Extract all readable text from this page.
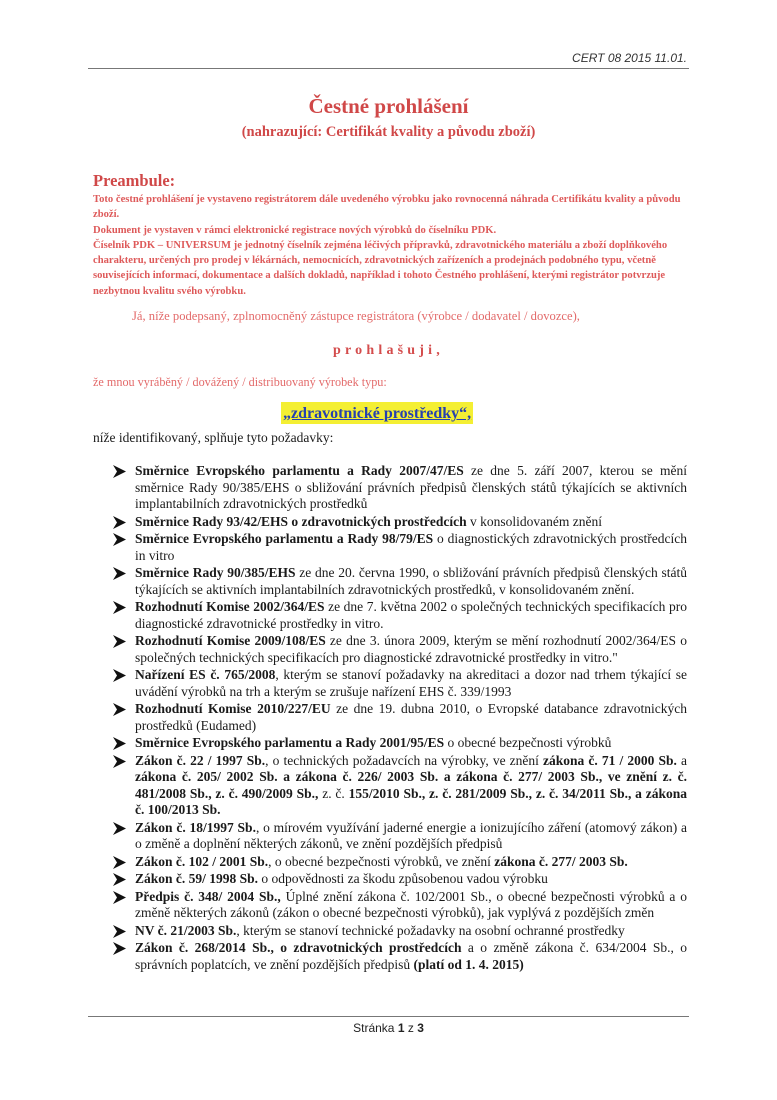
CERT 08 2015 11.01.
Čestné prohlášení
(nahrazující: Certifikát kvality a původu zboží)
Preambule:

Toto čestné prohlášení je vystaveno registrátorem dále uvedeného výrobku jako rovnocenná náhrada Certifikátu kvality a původu zboží.

Dokument je vystaven v rámci elektronické registrace nových výrobků do číselníku PDK.

Číselník PDK – UNIVERSUM je jednotný číselník zejména léčivých přípravků, zdravotnického materiálu a zboží doplňkového charakteru, určených pro prodej v lékárnách, nemocnicích, zdravotnických zařízeních a prodejnách podobného typu, včetně souvisejících informací, dokumentace a dalších dokladů, například i tohoto Čestného prohlášení, kterými registrátor potvrzuje nezbytnou kvalitu svého výrobku.

Já, níže podepsaný, zplnomocněný zástupce registrátora (výrobce / dodavatel / dovozce),
prohlašuji,
že mnou vyráběný / dovážený / distribuovaný výrobek typu:
„zdravotnické prostředky“,
níže identifikovaný, splňuje tyto požadavky:
Směrnice Evropského parlamentu a Rady 2007/47/ES ze dne 5. září 2007, kterou se mění směrnice Rady 90/385/EHS o sbližování právních předpisů členských států týkajících se aktivních implantabilních zdravotnických prostředků
Směrnice Rady 93/42/EHS o zdravotnických prostředcích v konsolidovaném znění
Směrnice Evropského parlamentu a Rady 98/79/ES o diagnostických zdravotnických prostředcích in vitro
Směrnice Rady 90/385/EHS ze dne 20. června 1990, o sbližování právních předpisů členských států týkajících se aktivních implantabilních zdravotnických prostředků, v konsolidovaném znění.
Rozhodnutí Komise 2002/364/ES ze dne 7. května 2002 o společných technických specifikacích pro diagnostické zdravotnické prostředky in vitro.
Rozhodnutí Komise 2009/108/ES ze dne 3. února 2009, kterým se mění rozhodnutí 2002/364/ES o společných technických specifikacích pro diagnostické zdravotnické prostředky in vitro."
Nařízení ES č. 765/2008, kterým se stanoví požadavky na akreditaci a dozor nad trhem týkající se uvádění výrobků na trh a kterým se zrušuje nařízení EHS č. 339/1993
Rozhodnutí Komise 2010/227/EU ze dne 19. dubna 2010, o Evropské databance zdravotnických prostředků (Eudamed)
Směrnice Evropského parlamentu a Rady 2001/95/ES o obecné bezpečnosti výrobků
Zákon č. 22 / 1997 Sb., o technických požadavcích na výrobky, ve znění zákona č. 71 / 2000 Sb. a zákona č. 205/ 2002 Sb. a zákona č. 226/ 2003 Sb. a zákona č. 277/ 2003 Sb., ve znění z. č. 481/2008 Sb., z. č. 490/2009 Sb., z. č. 155/2010 Sb., z. č. 281/2009 Sb., z. č. 34/2011 Sb., a zákona č. 100/2013 Sb.
Zákon č. 18/1997 Sb., o mírovém využívání jaderné energie a ionizujícího záření (atomový zákon) a o změně a doplnění některých zákonů, ve znění pozdějších předpisů
Zákon č. 102 / 2001 Sb., o obecné bezpečnosti výrobků, ve znění zákona č. 277/ 2003 Sb.
Zákon č. 59/ 1998 Sb. o odpovědnosti za škodu způsobenou vadou výrobku
Předpis č. 348/ 2004 Sb., Úplné znění zákona č. 102/2001 Sb., o obecné bezpečnosti výrobků a o změně některých zákonů (zákon o obecné bezpečnosti výrobků), jak vyplývá z pozdějších změn
NV č. 21/2003 Sb., kterým se stanoví technické požadavky na osobní ochranné prostředky
Zákon č. 268/2014 Sb., o zdravotnických prostředcích a o změně zákona č. 634/2004 Sb., o správních poplatcích, ve znění pozdějších předpisů (platí od 1. 4. 2015)
Stránka 1 z 3
